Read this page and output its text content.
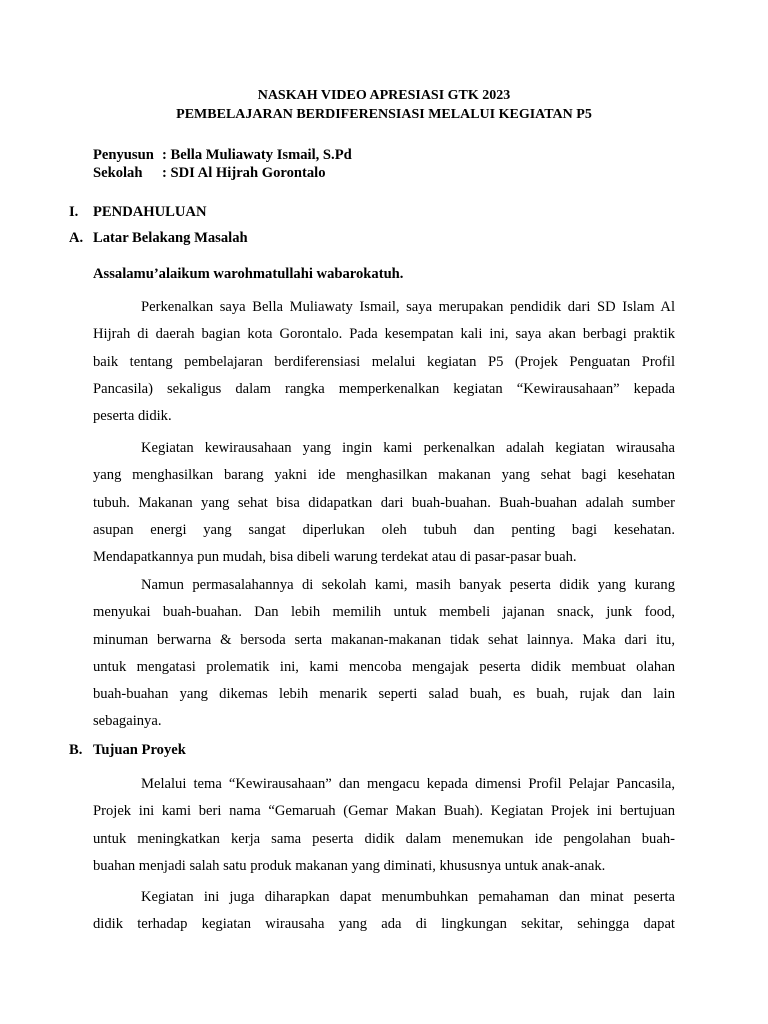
NASKAH VIDEO APRESIASI GTK 2023
PEMBELAJARAN BERDIFERENSIASI MELALUI KEGIATAN P5
Penyusun : Bella Muliawaty Ismail, S.Pd
Sekolah : SDI Al Hijrah Gorontalo
I. PENDAHULUAN
A. Latar Belakang Masalah
Assalamu’alaikum warohmatullahi wabarokatuh.
Perkenalkan saya Bella Muliawaty Ismail, saya merupakan pendidik dari SD Islam Al
Hijrah di daerah bagian kota Gorontalo. Pada kesempatan kali ini, saya akan berbagi praktik
baik tentang pembelajaran berdiferensiasi melalui kegiatan P5 (Projek Penguatan Profil
Pancasila) sekaligus dalam rangka memperkenalkan kegiatan “Kewirausahaan” kepada
peserta didik.
Kegiatan kewirausahaan yang ingin kami perkenalkan adalah kegiatan wirausaha
yang menghasilkan barang yakni ide menghasilkan makanan yang sehat bagi kesehatan
tubuh. Makanan yang sehat bisa didapatkan dari buah-buahan. Buah-buahan adalah sumber
asupan energi yang sangat diperlukan oleh tubuh dan penting bagi kesehatan.
Mendapatkannya pun mudah, bisa dibeli warung terdekat atau di pasar-pasar buah.
Namun permasalahannya di sekolah kami, masih banyak peserta didik yang kurang
menyukai buah-buahan. Dan lebih memilih untuk membeli jajanan snack, junk food,
minuman berwarna & bersoda serta makanan-makanan tidak sehat lainnya. Maka dari itu,
untuk mengatasi prolematik ini, kami mencoba mengajak peserta didik membuat olahan
buah-buahan yang dikemas lebih menarik seperti salad buah, es buah, rujak dan lain
sebagainya.
B. Tujuan Proyek
Melalui tema “Kewirausahaan” dan mengacu kepada dimensi Profil Pelajar Pancasila,
Projek ini kami beri nama “Gemaruah (Gemar Makan Buah). Kegiatan Projek ini bertujuan
untuk meningkatkan kerja sama peserta didik dalam menemukan ide pengolahan buah-
buahan menjadi salah satu produk makanan yang diminati, khususnya untuk anak-anak.
Kegiatan ini juga diharapkan dapat menumbuhkan pemahaman dan minat peserta
didik terhadap kegiatan wirausaha yang ada di lingkungan sekitar, sehingga dapat
